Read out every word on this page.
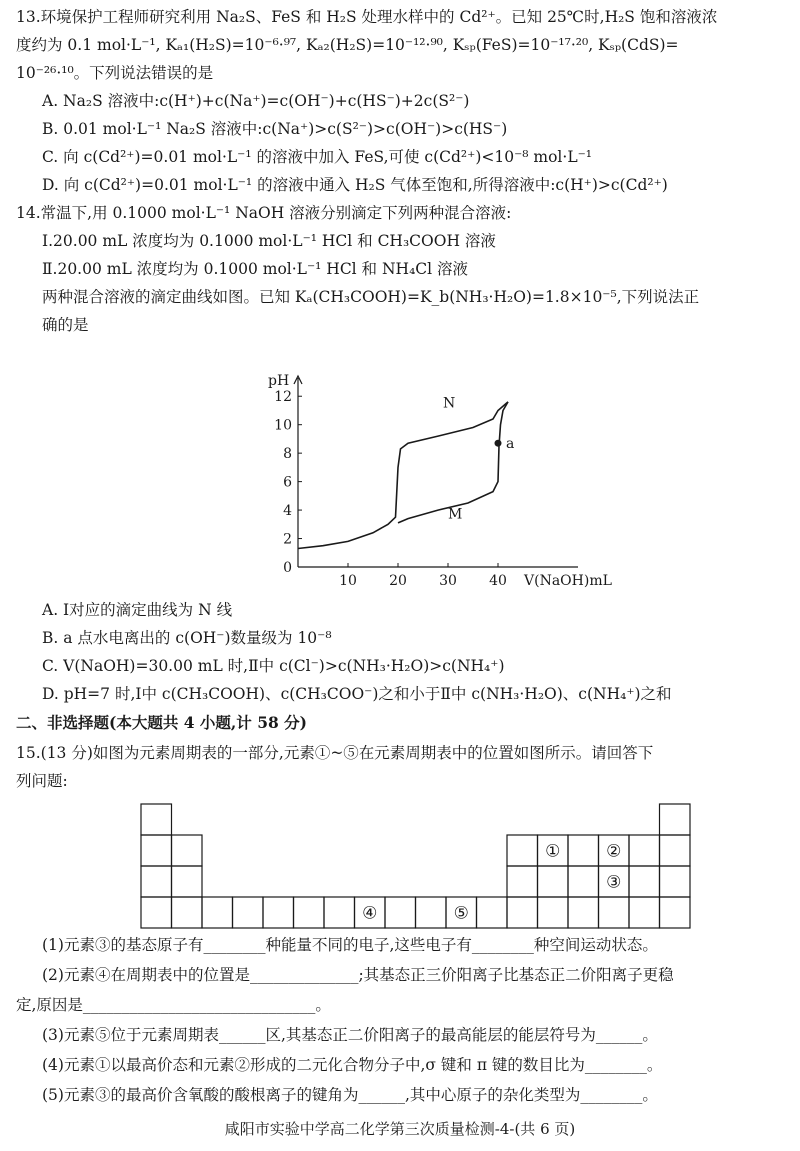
13.环境保护工程师研究利用 Na₂S、FeS 和 H₂S 处理水样中的 Cd²⁺。已知 25℃时,H₂S 饱和溶液浓
度约为 0.1 mol·L⁻¹, Kₐ₁(H₂S)=10⁻⁶·⁹⁷, Kₐ₂(H₂S)=10⁻¹²·⁹⁰, Kₛₚ(FeS)=10⁻¹⁷·²⁰, Kₛₚ(CdS)=
10⁻²⁶·¹⁰。下列说法错误的是
A. Na₂S 溶液中:c(H⁺)+c(Na⁺)=c(OH⁻)+c(HS⁻)+2c(S²⁻)
B. 0.01 mol·L⁻¹ Na₂S 溶液中:c(Na⁺)>c(S²⁻)>c(OH⁻)>c(HS⁻)
C. 向 c(Cd²⁺)=0.01 mol·L⁻¹ 的溶液中加入 FeS,可使 c(Cd²⁺)<10⁻⁸ mol·L⁻¹
D. 向 c(Cd²⁺)=0.01 mol·L⁻¹ 的溶液中通入 H₂S 气体至饱和,所得溶液中:c(H⁺)>c(Cd²⁺)
14.常温下,用 0.1000 mol·L⁻¹ NaOH 溶液分别滴定下列两种混合溶液:
Ⅰ.20.00 mL 浓度均为 0.1000 mol·L⁻¹ HCl 和 CH₃COOH 溶液
Ⅱ.20.00 mL 浓度均为 0.1000 mol·L⁻¹ HCl 和 NH₄Cl 溶液
两种混合溶液的滴定曲线如图。已知 Kₐ(CH₃COOH)=K_b(NH₃·H₂O)=1.8×10⁻⁵,下列说法正
确的是
10 20 30 40
0
2
4
6
8
10
12
pH
V(NaOH)mL
N
M
a
A. Ⅰ对应的滴定曲线为 N 线
B. a 点水电离出的 c(OH⁻)数量级为 10⁻⁸
C. V(NaOH)=30.00 mL 时,Ⅱ中 c(Cl⁻)>c(NH₃·H₂O)>c(NH₄⁺)
D. pH=7 时,Ⅰ中 c(CH₃COOH)、c(CH₃COO⁻)之和小于Ⅱ中 c(NH₃·H₂O)、c(NH₄⁺)之和
二、非选择题(本大题共 4 小题,计 58 分)
15.(13 分)如图为元素周期表的一部分,元素①~⑤在元素周期表中的位置如图所示。请回答下
列问题:
①	②
③
④	⑤
(1)元素③的基态原子有________种能量不同的电子,这些电子有________种空间运动状态。
(2)元素④在周期表中的位置是______________;其基态正三价阳离子比基态正二价阳离子更稳
定,原因是______________________________。
(3)元素⑤位于元素周期表______区,其基态正二价阳离子的最高能层的能层符号为______。
(4)元素①以最高价态和元素②形成的二元化合物分子中,σ 键和 π 键的数目比为________。
(5)元素③的最高价含氧酸的酸根离子的键角为______,其中心原子的杂化类型为________。
咸阳市实验中学高二化学第三次质量检测-4-(共 6 页)
